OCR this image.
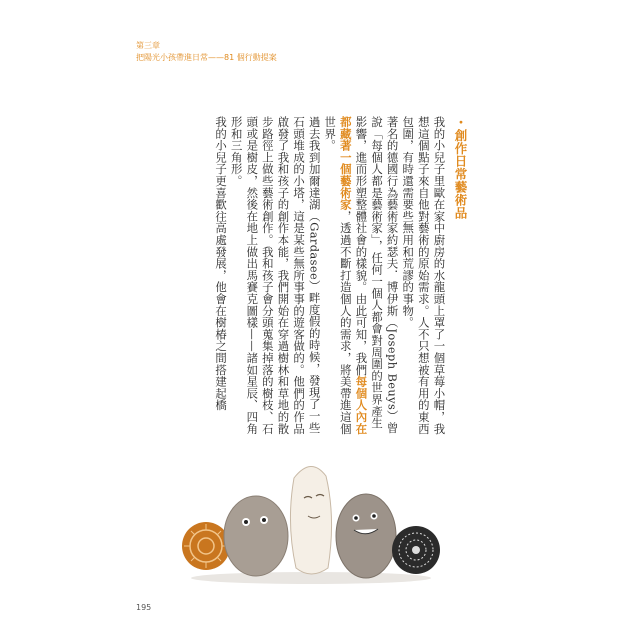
第三章
把陽光小孩帶進日常——81 個行動提案

・創作日常藝術品

我的小兒子里歐在家中廚房的水龍頭上罩了一個草莓小帽，我想這個點子來自他對藝術的原始需求。人不只想被有用的東西包圍，有時還需要些無用和荒謬的事物。

著名的德國行為藝術家約瑟夫．博伊斯（Joseph Beuys）曾說「每個人都是藝術家」，任何一個人都會對周圍的世界產生影響，進而形塑整體社會的樣貌。由此可知，我們每個人內在都藏著一個藝術家，透過不斷打造個人的需求，將美帶進這個世界。

過去我到加爾達湖（Gardasee）畔度假的時候，發現了一些石頭堆成的小塔，這是某些無所事事的遊客做的。他們的作品啟發了我和孩子的創作本能，我們開始在穿過樹林和草地的散步路徑上做些藝術創作。我和孩子會分頭蒐集掉落的樹枝、石頭或是樹皮，然後在地上做出馬賽克圖樣——諸如星辰、四角形和三角形。

我的小兒子更喜歡往高處發展，他會在樹椿之間搭建起橋

195
